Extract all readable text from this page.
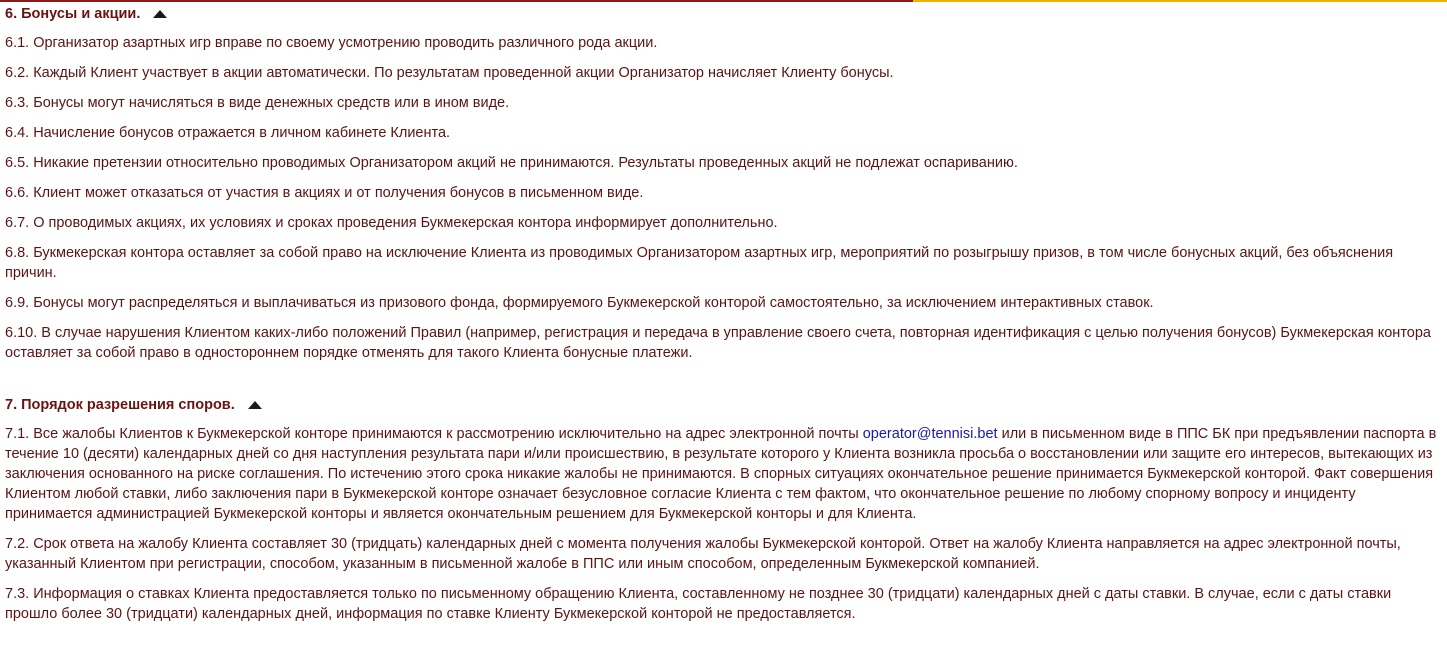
6. Бонусы и акции.

6.1. Организатор азартных игр вправе по своему усмотрению проводить различного рода акции.

6.2. Каждый Клиент участвует в акции автоматически. По результатам проведенной акции Организатор начисляет Клиенту бонусы.

6.3. Бонусы могут начисляться в виде денежных средств или в ином виде.

6.4. Начисление бонусов отражается в личном кабинете Клиента.

6.5. Никакие претензии относительно проводимых Организатором акций не принимаются. Результаты проведенных акций не подлежат оспариванию.

6.6. Клиент может отказаться от участия в акциях и от получения бонусов в письменном виде.

6.7. О проводимых акциях, их условиях и сроках проведения Букмекерская контора информирует дополнительно.

6.8. Букмекерская контора оставляет за собой право на исключение Клиента из проводимых Организатором азартных игр, мероприятий по розыгрышу призов, в том числе бонусных акций, без объяснения причин.

6.9. Бонусы могут распределяться и выплачиваться из призового фонда, формируемого Букмекерской конторой самостоятельно, за исключением интерактивных ставок.

6.10. В случае нарушения Клиентом каких-либо положений Правил (например, регистрация и передача в управление своего счета, повторная идентификация с целью получения бонусов) Букмекерская контора оставляет за собой право в одностороннем порядке отменять для такого Клиента бонусные платежи.

7. Порядок разрешения споров.

7.1. Все жалобы Клиентов к Букмекерской конторе принимаются к рассмотрению исключительно на адрес электронной почты operator@tennisi.bet или в письменном виде в ППС БК при предъявлении паспорта в течение 10 (десяти) календарных дней со дня наступления результата пари и/или происшествию, в результате которого у Клиента возникла просьба о восстановлении или защите его интересов, вытекающих из заключения основанного на риске соглашения. По истечению этого срока никакие жалобы не принимаются. В спорных ситуациях окончательное решение принимается Букмекерской конторой. Факт совершения Клиентом любой ставки, либо заключения пари в Букмекерской конторе означает безусловное согласие Клиента с тем фактом, что окончательное решение по любому спорному вопросу и инциденту принимается администрацией Букмекерской конторы и является окончательным решением для Букмекерской конторы и для Клиента.

7.2. Срок ответа на жалобу Клиента составляет 30 (тридцать) календарных дней с момента получения жалобы Букмекерской конторой. Ответ на жалобу Клиента направляется на адрес электронной почты, указанный Клиентом при регистрации, способом, указанным в письменной жалобе в ППС или иным способом, определенным Букмекерской компанией.

7.3. Информация о ставках Клиента предоставляется только по письменному обращению Клиента, составленному не позднее 30 (тридцати) календарных дней с даты ставки. В случае, если с даты ставки прошло более 30 (тридцати) календарных дней, информация по ставке Клиенту Букмекерской конторой не предоставляется.
